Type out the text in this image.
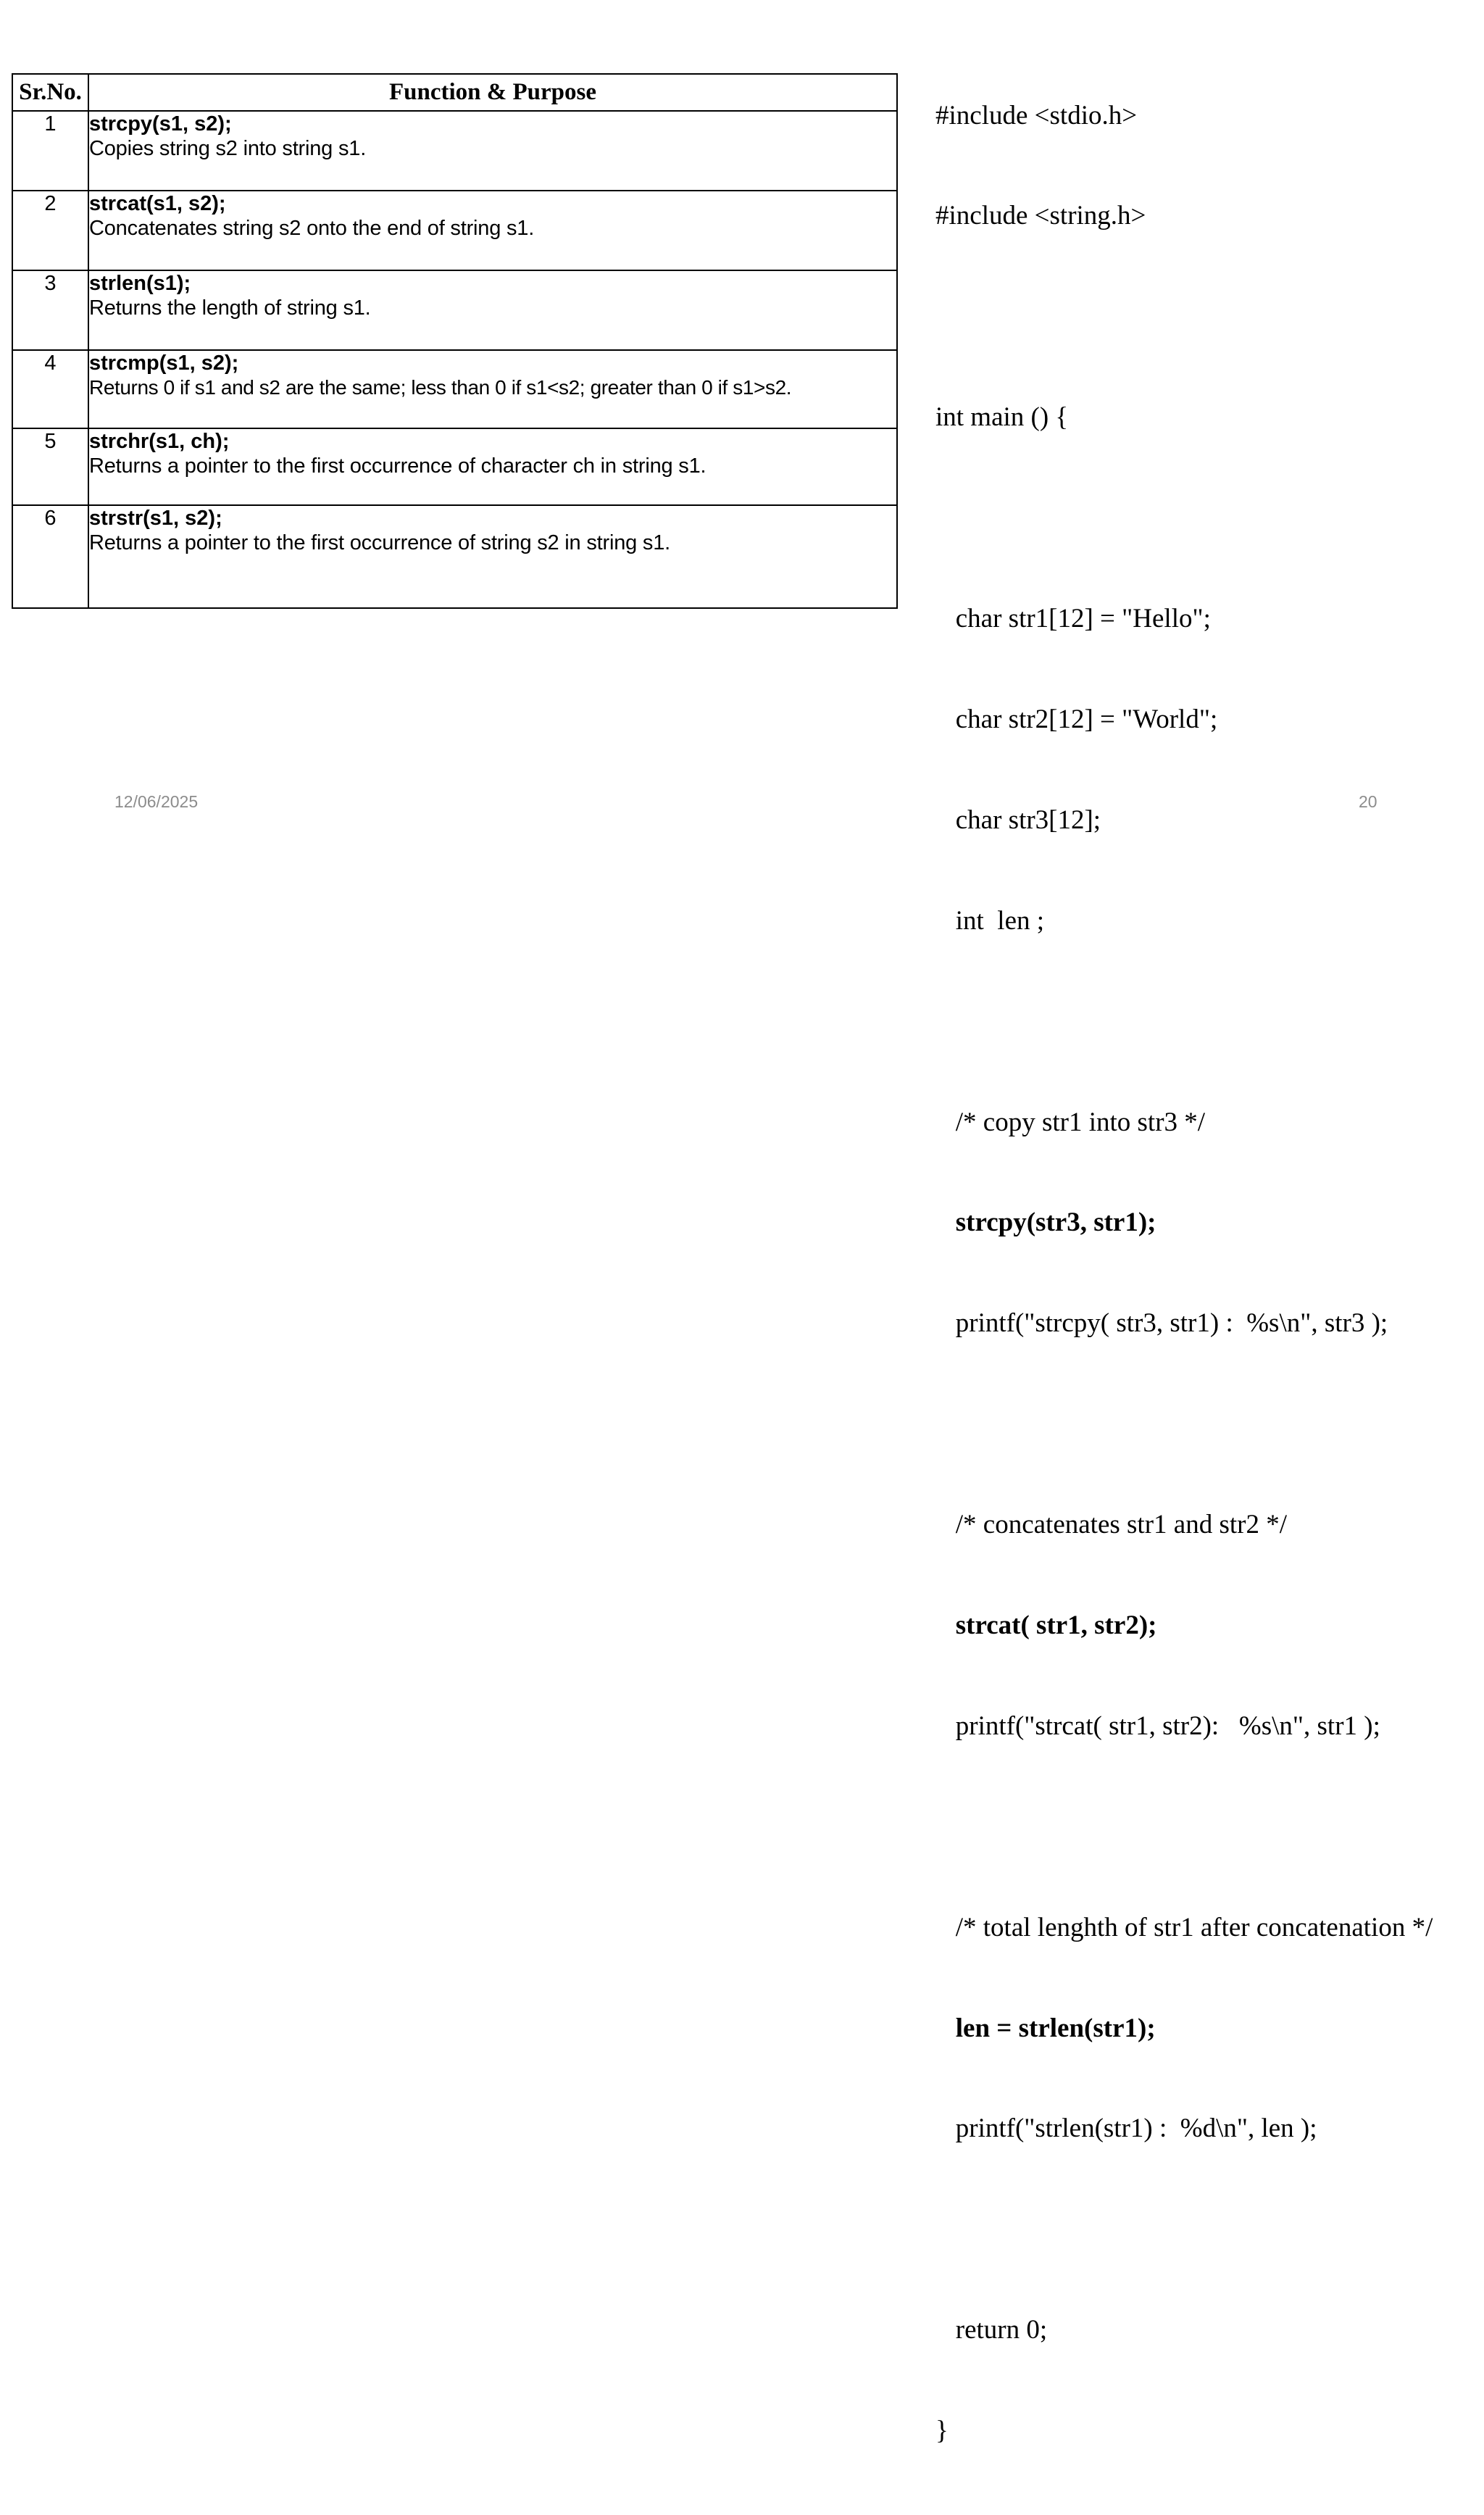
Sr.No.	Function & Purpose
1	strcpy(s1, s2);
Copies string s2 into string s1.

2	strcat(s1, s2);
Concatenates string s2 onto the end of string s1.

3	strlen(s1);
Returns the length of string s1.

4	strcmp(s1, s2);
Returns 0 if s1 and s2 are the same; less than 0 if s1<s2; greater than 0 if s1>s2.

5	strchr(s1, ch);
Returns a pointer to the first occurrence of character ch in string s1.

6	strstr(s1, s2);
Returns a pointer to the first occurrence of string s2 in string s1.

#include <stdio.h>

#include <string.h>

int main () {

char str1[12] = "Hello";

char str2[12] = "World";

char str3[12];

int  len ;

/* copy str1 into str3 */

strcpy(str3, str1);

printf("strcpy( str3, str1) :  %s\n", str3 );

/* concatenates str1 and str2 */

strcat( str1, str2);

printf("strcat( str1, str2):   %s\n", str1 );

/* total lenghth of str1 after concatenation */

len = strlen(str1);

printf("strlen(str1) :  %d\n", len );

return 0;

}

12/06/2025	20
